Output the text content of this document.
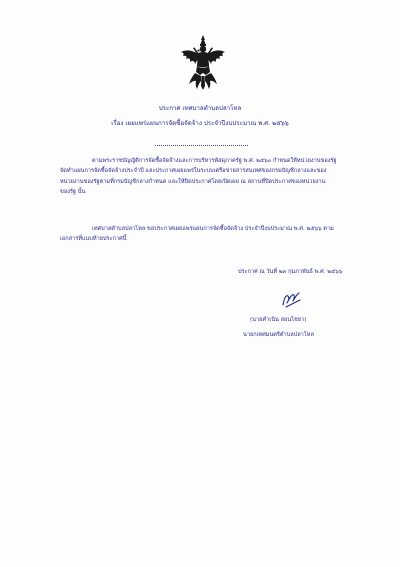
ประกาศ เทศบาลตำบลปลาโหล
เรื่อง เผยแพร่แผนการจัดซื้อจัดจ้าง ประจำปีงบประมาณ พ.ศ. ๒๕๖๖
ตามพระราชบัญญัติการจัดซื้อจัดจ้างและการบริหารพัสดุภาครัฐ พ.ศ. ๒๕๖๐ กำหนดให้หน่วยงานของรัฐ
จัดทำแผนการจัดซื้อจัดจ้างประจำปี และประกาศเผยแพร่ในระบบเครือข่ายสารสนเทศของกรมบัญชีกลางและของ
หน่วยงานของรัฐตามที่กรมบัญชีกลางกำหนด และให้ปิดประกาศโดยเปิดเผย ณ สถานที่ปิดประกาศของหน่วยงาน
ของรัฐ นั้น
เทศบาลตำบลปลาโหล ขอประกาศเผยแพร่แผนการจัดซื้อจัดจ้าง ประจำปีงบประมาณ พ.ศ. ๒๕๖๖ ตาม
เอกสารที่แนบท้ายประกาศนี้
ประกาศ ณ วันที่ ๒๓ กุมภาพันธ์ พ.ศ. ๒๕๖๖
(นายคำเนิน สอนไชยา)
นายกเทศมนตรีตำบลปลาโหล
